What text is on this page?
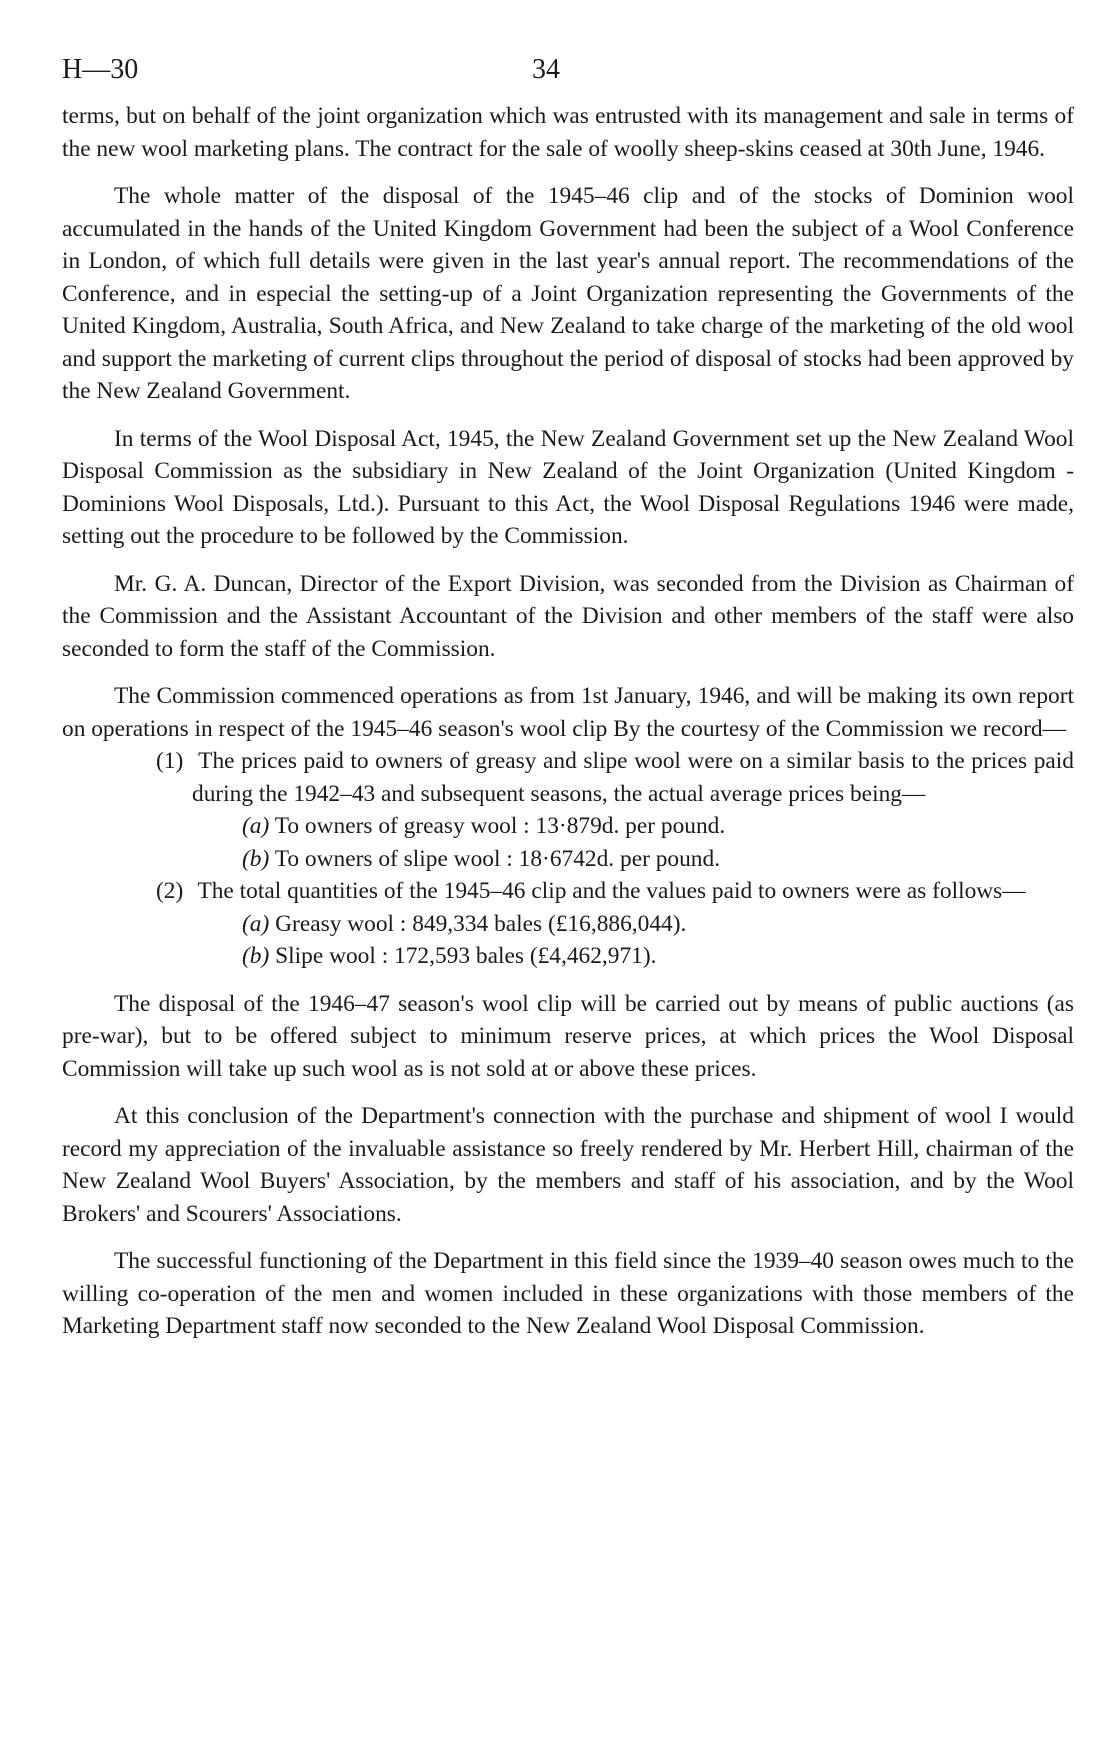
H—30	34

terms, but on behalf of the joint organization which was entrusted with its management and sale in terms of the new wool marketing plans. The contract for the sale of woolly sheep-skins ceased at 30th June, 1946.

The whole matter of the disposal of the 1945–46 clip and of the stocks of Dominion wool accumulated in the hands of the United Kingdom Government had been the subject of a Wool Conference in London, of which full details were given in the last year's annual report. The recommendations of the Conference, and in especial the setting-up of a Joint Organization representing the Governments of the United Kingdom, Australia, South Africa, and New Zealand to take charge of the marketing of the old wool and support the marketing of current clips throughout the period of disposal of stocks had been approved by the New Zealand Government.

In terms of the Wool Disposal Act, 1945, the New Zealand Government set up the New Zealand Wool Disposal Commission as the subsidiary in New Zealand of the Joint Organization (United Kingdom - Dominions Wool Disposals, Ltd.). Pursuant to this Act, the Wool Disposal Regulations 1946 were made, setting out the procedure to be followed by the Commission.

Mr. G. A. Duncan, Director of the Export Division, was seconded from the Division as Chairman of the Commission and the Assistant Accountant of the Division and other members of the staff were also seconded to form the staff of the Commission.

The Commission commenced operations as from 1st January, 1946, and will be making its own report on operations in respect of the 1945–46 season's wool clip By the courtesy of the Commission we record—

(1) The prices paid to owners of greasy and slipe wool were on a similar basis to the prices paid during the 1942–43 and subsequent seasons, the actual average prices being—

(a) To owners of greasy wool : 13·879d. per pound.

(b) To owners of slipe wool : 18·6742d. per pound.

(2) The total quantities of the 1945–46 clip and the values paid to owners were as follows—

(a) Greasy wool : 849,334 bales (£16,886,044).

(b) Slipe wool : 172,593 bales (£4,462,971).

The disposal of the 1946–47 season's wool clip will be carried out by means of public auctions (as pre-war), but to be offered subject to minimum reserve prices, at which prices the Wool Disposal Commission will take up such wool as is not sold at or above these prices.

At this conclusion of the Department's connection with the purchase and shipment of wool I would record my appreciation of the invaluable assistance so freely rendered by Mr. Herbert Hill, chairman of the New Zealand Wool Buyers' Association, by the members and staff of his association, and by the Wool Brokers' and Scourers' Associations.

The successful functioning of the Department in this field since the 1939–40 season owes much to the willing co-operation of the men and women included in these organizations with those members of the Marketing Department staff now seconded to the New Zealand Wool Disposal Commission.
